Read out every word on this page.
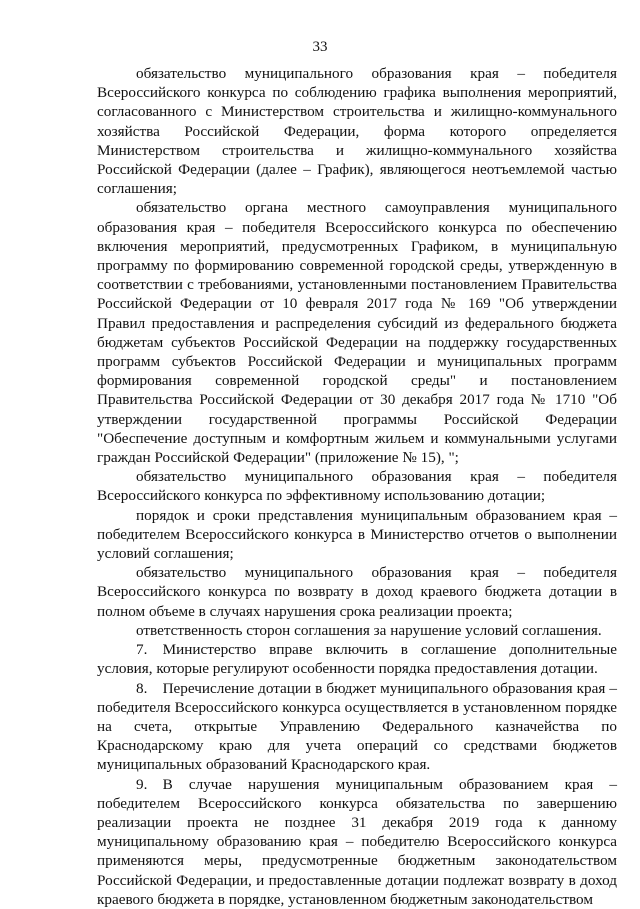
33

обязательство муниципального образования края – победителя Всероссийского конкурса по соблюдению графика выполнения мероприятий, согласованного с Министерством строительства и жилищно-коммунального хозяйства Российской Федерации, форма которого определяется Министерством строительства и жилищно-коммунального хозяйства Российской Федерации (далее – График), являющегося неотъемлемой частью соглашения;

обязательство органа местного самоуправления муниципального образования края – победителя Всероссийского конкурса по обеспечению включения мероприятий, предусмотренных Графиком, в муниципальную программу по формированию современной городской среды, утвержденную в соответствии с требованиями, установленными постановлением Правительства Российской Федерации от 10 февраля 2017 года № 169 "Об утверждении Правил предоставления и распределения субсидий из федерального бюджета бюджетам субъектов Российской Федерации на поддержку государственных программ субъектов Российской Федерации и муниципальных программ формирования современной городской среды" и постановлением Правительства Российской Федерации от 30 декабря 2017 года № 1710 "Об утверждении государственной программы Российской Федерации "Обеспечение доступным и комфортным жильем и коммунальными услугами граждан Российской Федерации" (приложение № 15), ";

обязательство муниципального образования края – победителя Всероссийского конкурса по эффективному использованию дотации;

порядок и сроки представления муниципальным образованием края – победителем Всероссийского конкурса в Министерство отчетов о выполнении условий соглашения;

обязательство муниципального образования края – победителя Всероссийского конкурса по возврату в доход краевого бюджета дотации в полном объеме в случаях нарушения срока реализации проекта;

ответственность сторон соглашения за нарушение условий соглашения.

7. Министерство вправе включить в соглашение дополнительные условия, которые регулируют особенности порядка предоставления дотации.

8. Перечисление дотации в бюджет муниципального образования края – победителя Всероссийского конкурса осуществляется в установленном порядке на счета, открытые Управлению Федерального казначейства по Краснодарскому краю для учета операций со средствами бюджетов муниципальных образований Краснодарского края.

9. В случае нарушения муниципальным образованием края – победителем Всероссийского конкурса обязательства по завершению реализации проекта не позднее 31 декабря 2019 года к данному муниципальному образованию края – победителю Всероссийского конкурса применяются меры, предусмотренные бюджетным законодательством Российской Федерации, и предоставленные дотации подлежат возврату в доход краевого бюджета в порядке, установленном бюджетным законодательством
